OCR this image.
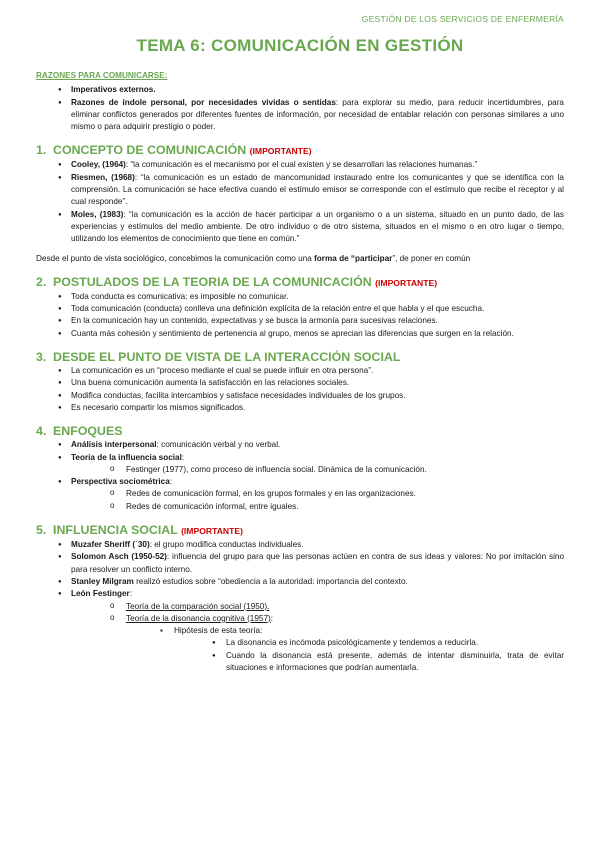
GESTIÓN DE LOS SERVICIOS DE ENFERMERÍA
TEMA 6: COMUNICACIÓN EN GESTIÓN
RAZONES PARA COMUNICARSE:
● Imperativos externos.
● Razones de índole personal, por necesidades vividas o sentidas: para explorar su medio, para reducir incertidumbres, para eliminar conflictos generados por diferentes fuentes de información, por necesidad de entablar relación con personas similares a uno mismo o para adquirir prestigio o poder.
1. CONCEPTO DE COMUNICACIÓN (IMPORTANTE)
● Cooley, (1964): “la comunicación es el mecanismo por el cual existen y se desarrollan las relaciones humanas.”
● Riesmen, (1968): “la comunicación es un estado de mancomunidad instaurado entre los comunicantes y que se identifica con la comprensión. La comunicación se hace efectiva cuando el estímulo emisor se corresponde con el estímulo que recibe el receptor y al cual responde”.
● Moles, (1983): “la comunicación es la acción de hacer participar a un organismo o a un sistema, situado en un punto dado, de las experiencias y estímulos del medio ambiente. De otro individuo o de otro sistema, situados en el mismo o en otro lugar o tiempo, utilizando los elementos de conocimiento que tiene en común.”
Desde el punto de vista sociológico, concebimos la comunicación como una forma de “participar”, de poner en común
2. POSTULADOS DE LA TEORIA DE LA COMUNICACIÓN (IMPORTANTE)
● Toda conducta es comunicativa: es imposible no comunicar.
● Toda comunicación (conducta) conlleva una definición explícita de la relación entre el que habla y el que escucha.
● En la comunicación hay un contenido, expectativas y se busca la armonía para sucesivas relaciones.
● Cuanta más cohesión y sentimiento de pertenencia al grupo, menos se aprecian las diferencias que surgen en la relación.
3. DESDE EL PUNTO DE VISTA DE LA INTERACCIÓN SOCIAL
● La comunicación es un “proceso mediante el cual se puede influir en otra persona”.
● Una buena comunicación aumenta la satisfacción en las relaciones sociales.
● Modifica conductas, facilita intercambios y satisface necesidades individuales de los grupos.
● Es necesario compartir los mismos significados.
4. ENFOQUES
● Análisis interpersonal: comunicación verbal y no verbal.
● Teoría de la influencia social:
o Festinger (1977), como proceso de influencia social. Dinámica de la comunicación.
● Perspectiva sociométrica:
o Redes de comunicación formal, en los grupos formales y en las organizaciones.
o Redes de comunicación informal, entre iguales.
5. INFLUENCIA SOCIAL (IMPORTANTE)
● Muzafer Sheriff (´30): el grupo modifica conductas individuales.
● Solomon Asch (1950-52): influencia del grupo para que las personas actúen en contra de sus ideas y valores: No por imitación sino para resolver un conflicto interno.
● Stanley Milgram realizó estudios sobre “obediencia a la autoridad: importancia del contexto.
● León Festinger:
o Teoría de la comparación social (1950).
o Teoría de la disonancia cognitiva (1957):
▪ Hipótesis de esta teoría:
● La disonancia es incómoda psicológicamente y tendemos a reducirla.
● Cuando la disonancia está presente, además de intentar disminuirla, trata de evitar situaciones e informaciones que podrían aumentarla.
